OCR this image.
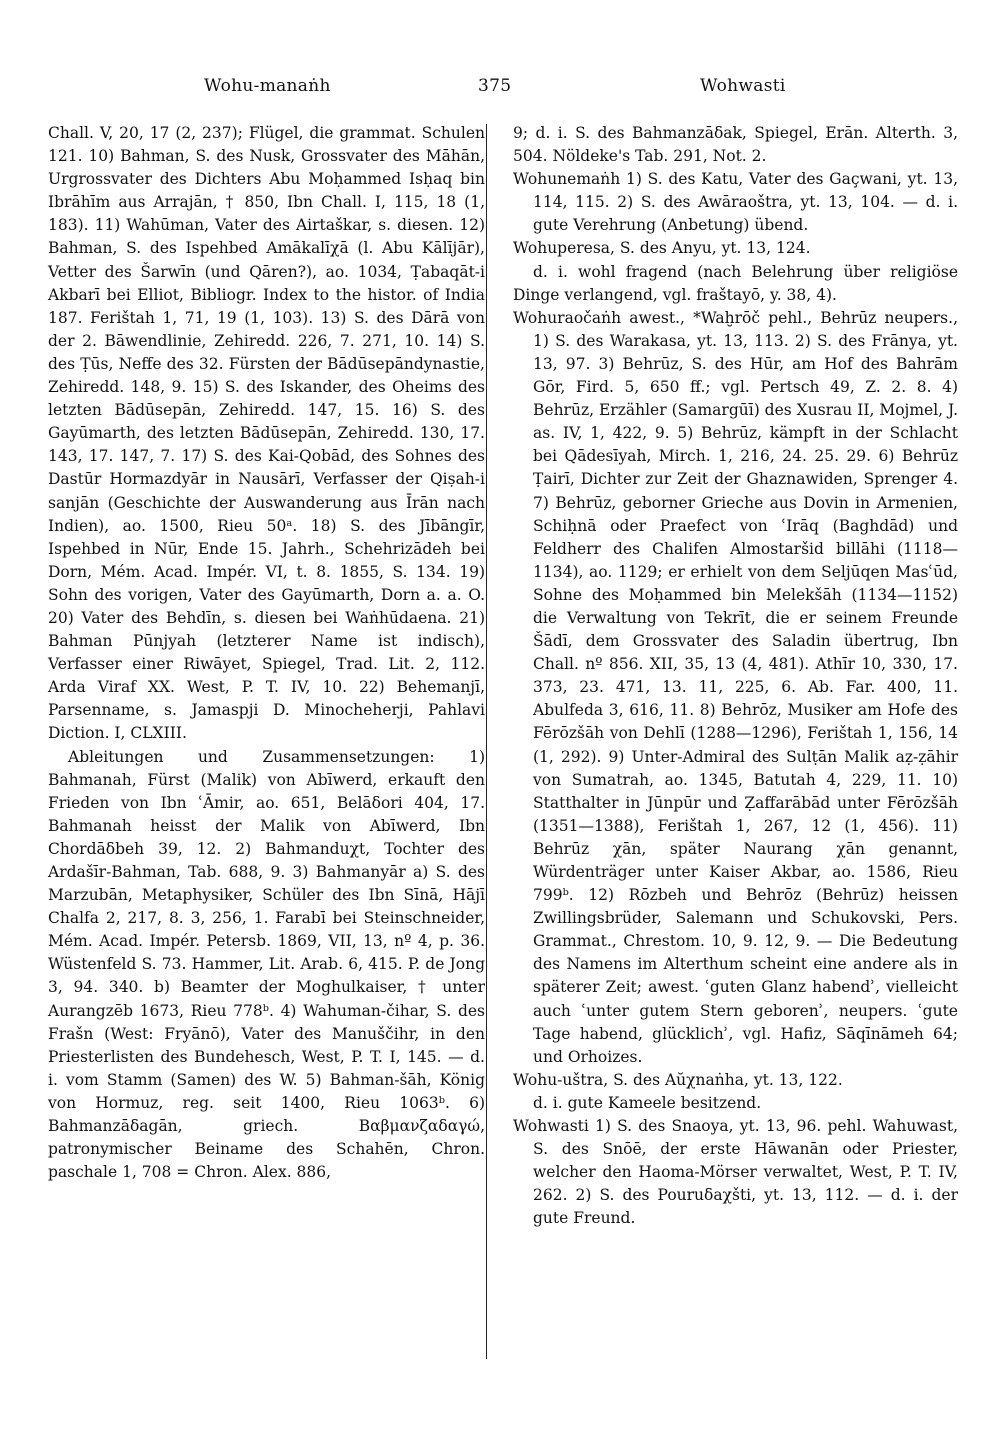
Wohu-manaṅh	375	Wohwasti

Chall. V, 20, 17 (2, 237); Flügel, die grammat. Schulen 121. 10) Bahman, S. des Nusk, Grossvater des Māhān, Urgrossvater des Dichters Abu Moḥammed Isḥaq bin Ibrāhīm aus Arrajān, † 850, Ibn Chall. I, 115, 18 (1, 183). 11) Wahūman, Vater des Airtaškar, s. diesen. 12) Bahman, S. des Ispehbed Amākalīχā (l. Abu Kālījār), Vetter des Šarwīn (und Qāren?), ao. 1034, Ṭabaqāt-i Akbarī bei Elliot, Bibliogr. Index to the histor. of India 187. Ferištah 1, 71, 19 (1, 103). 13) S. des Dārā von der 2. Bāwendlinie, Zehiredd. 226, 7. 271, 10. 14) S. des Ṭūs, Neffe des 32. Fürsten der Bādūsepāndynastie, Zehiredd. 148, 9. 15) S. des Iskander, des Oheims des letzten Bādūsepān, Zehiredd. 147, 15. 16) S. des Gayūmarth, des letzten Bādūsepān, Zehiredd. 130, 17. 143, 17. 147, 7. 17) S. des Kai-Qobād, des Sohnes des Dastūr Hormazdyār in Nausārī, Verfasser der Qiṣah-i sanjān (Geschichte der Auswanderung aus Īrān nach Indien), ao. 1500, Rieu 50ᵃ. 18) S. des Jībāngīr, Ispehbed in Nūr, Ende 15. Jahrh., Schehrizādeh bei Dorn, Mém. Acad. Impér. VI, t. 8. 1855, S. 134. 19) Sohn des vorigen, Vater des Gayūmarth, Dorn a. a. O. 20) Vater des Behdīn, s. diesen bei Waṅhūdaena. 21) Bahman Pūnjyah (letzterer Name ist indisch), Verfasser einer Riwāyet, Spiegel, Trad. Lit. 2, 112. Arda Viraf XX. West, P. T. IV, 10. 22) Behemanjī, Parsenname, s. Jamaspji D. Minocheherji, Pahlavi Diction. I, CLXIII.

Ableitungen und Zusammensetzungen: 1) Bahmanah, Fürst (Malik) von Abīwerd, erkauft den Frieden von Ibn ʿĀmir, ao. 651, Belāδori 404, 17. Bahmanah heisst der Malik von Abīwerd, Ibn Chordāδbeh 39, 12. 2) Bahmanduχt, Tochter des Ardašīr-Bahman, Tab. 688, 9. 3) Bahmanyār a) S. des Marzubān, Metaphysiker, Schüler des Ibn Sīnā, Hājī Chalfa 2, 217, 8. 3, 256, 1. Farabī bei Steinschneider, Mém. Acad. Impér. Petersb. 1869, VII, 13, nº 4, p. 36. Wüstenfeld S. 73. Hammer, Lit. Arab. 6, 415. P. de Jong 3, 94. 340. b) Beamter der Moghulkaiser, † unter Aurangzēb 1673, Rieu 778ᵇ. 4) Wahuman-čihar, S. des Frašn (West: Fryānō), Vater des Manuščihr, in den Priesterlisten des Bundehesch, West, P. T. I, 145. — d. i. vom Stamm (Samen) des W. 5) Bahman-šāh, König von Hormuz, reg. seit 1400, Rieu 1063ᵇ. 6) Bahmanzāδagān, griech. Βαβμανζαδαγώ, patronymischer Beiname des Schahēn, Chron. paschale 1, 708 = Chron. Alex. 886,

9; d. i. S. des Bahmanzāδak, Spiegel, Erān. Alterth. 3, 504. Nöldeke's Tab. 291, Not. 2.

Wohunemaṅh 1) S. des Katu, Vater des Gaçwani, yt. 13, 114, 115. 2) S. des Awāraoštra, yt. 13, 104. — d. i. gute Verehrung (Anbetung) übend.

Wohuperesa, S. des Anyu, yt. 13, 124.

d. i. wohl fragend (nach Belehrung über religiöse Dinge verlangend, vgl. fraštayō, y. 38, 4).

Wohuraočaṅh awest., *Waḫrōč pehl., Behrūz neupers., 1) S. des Warakasa, yt. 13, 113. 2) S. des Frānya, yt. 13, 97. 3) Behrūz, S. des Hūr, am Hof des Bahrām Gōr, Fird. 5, 650 ff.; vgl. Pertsch 49, Z. 2. 8. 4) Behrūz, Erzähler (Samargūī) des Xusrau II, Mojmel, J. as. IV, 1, 422, 9. 5) Behrūz, kämpft in der Schlacht bei Qādesīyah, Mirch. 1, 216, 24. 25. 29. 6) Behrūz Ṭairī, Dichter zur Zeit der Ghaznawiden, Sprenger 4. 7) Behrūz, geborner Grieche aus Dovin in Armenien, Schiḥnā oder Praefect von ʿIrāq (Baghdād) und Feldherr des Chalifen Almostaršid billāhi (1118—1134), ao. 1129; er erhielt von dem Seljūqen Masʿūd, Sohne des Moḥammed bin Melekšāh (1134—1152) die Verwaltung von Tekrīt, die er seinem Freunde Šādī, dem Grossvater des Saladin übertrug, Ibn Chall. nº 856. XII, 35, 13 (4, 481). Athīr 10, 330, 17. 373, 23. 471, 13. 11, 225, 6. Ab. Far. 400, 11. Abulfeda 3, 616, 11. 8) Behrōz, Musiker am Hofe des Fērōzšāh von Dehlī (1288—1296), Ferištah 1, 156, 14 (1, 292). 9) Unter-Admiral des Sulṭān Malik aẓ-ẓāhir von Sumatrah, ao. 1345, Batutah 4, 229, 11. 10) Statthalter in Jūnpūr und Ẓaffarābād unter Fērōzšāh (1351—1388), Ferištah 1, 267, 12 (1, 456). 11) Behrūz χān, später Naurang χān genannt, Würdenträger unter Kaiser Akbar, ao. 1586, Rieu 799ᵇ. 12) Rōzbeh und Behrōz (Behrūz) heissen Zwillingsbrüder, Salemann und Schukovski, Pers. Grammat., Chrestom. 10, 9. 12, 9. — Die Bedeutung des Namens im Alterthum scheint eine andere als in späterer Zeit; awest. ʿguten Glanz habendʾ, vielleicht auch ʿunter gutem Stern geborenʾ, neupers. ʿgute Tage habend, glücklichʾ, vgl. Hafiz, Sāqīnāmeh 64; und Orhoizes.

Wohu-uštra, S. des Aŭχnaṅha, yt. 13, 122.

d. i. gute Kameele besitzend.

Wohwasti 1) S. des Snaoya, yt. 13, 96. pehl. Wahuwast, S. des Snōē, der erste Hāwanān oder Priester, welcher den Haoma-Mörser verwaltet, West, P. T. IV, 262. 2) S. des Pouruδaχšti, yt. 13, 112. — d. i. der gute Freund.
